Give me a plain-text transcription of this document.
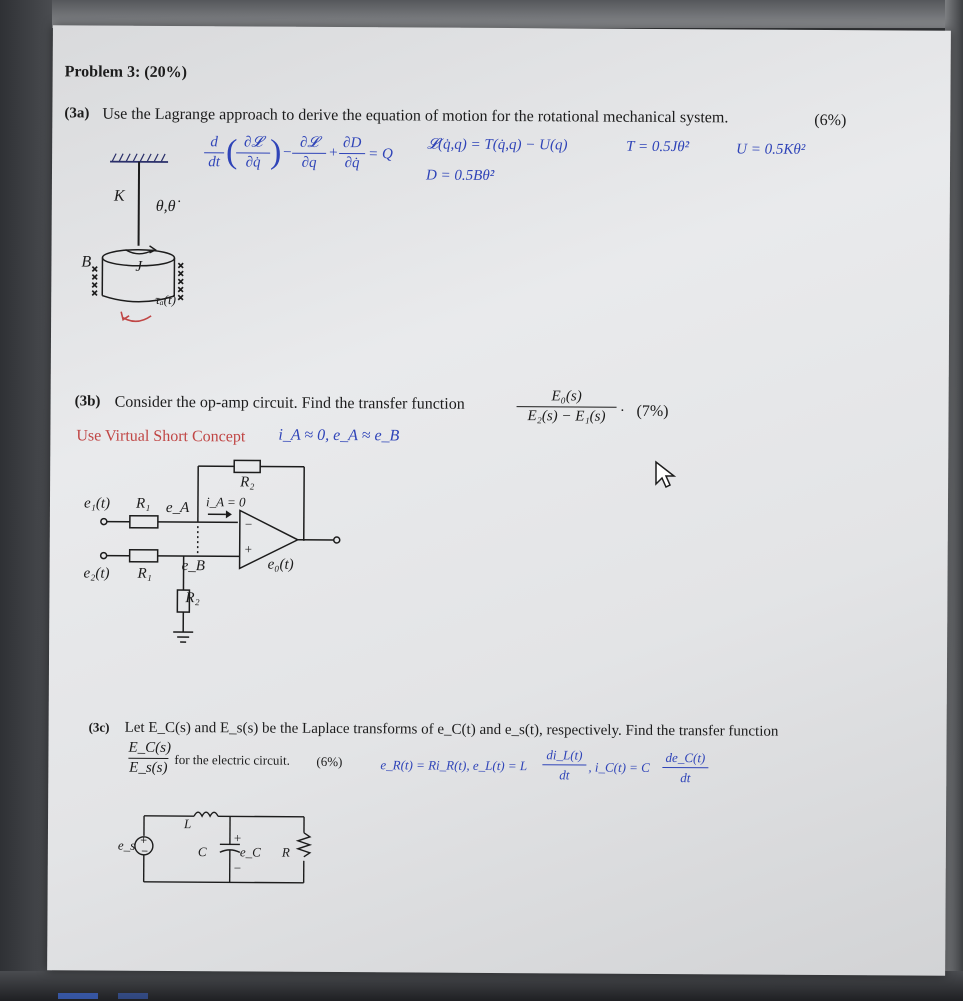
Problem 3: (20%)
(3a) Use the Lagrange approach to derive the equation of motion for the rotational mechanical system.	(6%)
d
dt ( ∂𝓛
∂q̇ ) −
∂𝓛
∂q
+
∂D
∂q̇
= Q
𝓛(q̇,q) = T(q̇,q) − U(q)	T = 0.5Jθ̇²	U = 0.5Kθ²
D = 0.5Bθ̇²
×
×
×
×
×
×
×
×
×
K
θ,θ̇
B	J
τₐ(t)
(3b) Consider the op-amp circuit. Find the transfer function	E₀(s)
E₂(s) − E₁(s)
. (7%)
Use Virtual Short Concept i_A ≈ 0, e_A ≈ e_B
R₂
i_A = 0
e₁(t) R₁ e_A
e₂(t) R₁ e_B
R₂
e₀(t)
−
+
(3c) Let E_C(s) and E_s(s) be the Laplace transforms of e_C(t) and e_s(t), respectively. Find the transfer function
E_C(s)
E_s(s) for the electric circuit. (6%)	e_R(t) = Ri_R(t), e_L(t) = L
di_L(t)
dt	, i_C(t) = C
de_C(t)
dt
+
−
e_s
L
C
+
e_C
−
R
